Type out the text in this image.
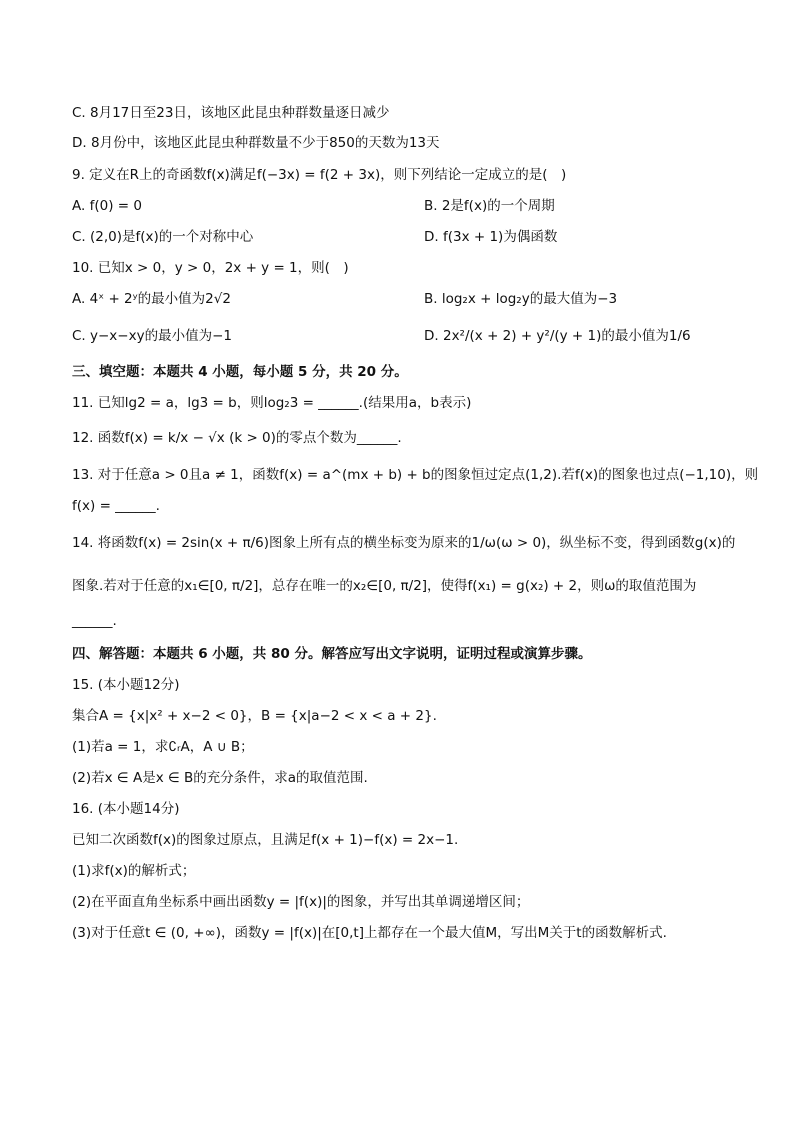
C. 8月17日至23日，该地区此昆虫种群数量逐日减少
D. 8月份中，该地区此昆虫种群数量不少于850的天数为13天
9. 定义在R上的奇函数f(x)满足f(−3x) = f(2 + 3x)，则下列结论一定成立的是(　)
A. f(0) = 0	B. 2是f(x)的一个周期
C. (2,0)是f(x)的一个对称中心	D. f(3x + 1)为偶函数
10. 已知x > 0，y > 0，2x + y = 1，则(　)
A. 4ˣ + 2ʸ的最小值为2√2	B. log₂x + log₂y的最大值为−3
C. y−x−xy的最小值为−1	D. 2x²/(x + 2) + y²/(y + 1)的最小值为1/6
三、填空题：本题共 4 小题，每小题 5 分，共 20 分。
11. 已知lg2 = a，lg3 = b，则log₂3 = ______.(结果用a，b表示)
12. 函数f(x) = k/x − √x (k > 0)的零点个数为______.
13. 对于任意a > 0且a ≠ 1，函数f(x) = a^(mx + b) + b的图象恒过定点(1,2).若f(x)的图象也过点(−1,10)，则
f(x) = ______.
14. 将函数f(x) = 2sin(x + π/6)图象上所有点的横坐标变为原来的1/ω(ω > 0)，纵坐标不变，得到函数g(x)的
图象.若对于任意的x₁∈[0, π/2]，总存在唯一的x₂∈[0, π/2]，使得f(x₁) = g(x₂) + 2，则ω的取值范围为
______.
四、解答题：本题共 6 小题，共 80 分。解答应写出文字说明，证明过程或演算步骤。
15. (本小题12分)
集合A = {x|x² + x−2 < 0}，B = {x|a−2 < x < a + 2}.
(1)若a = 1，求∁ᵣA，A ∪ B；
(2)若x ∈ A是x ∈ B的充分条件，求a的取值范围.
16. (本小题14分)
已知二次函数f(x)的图象过原点，且满足f(x + 1)−f(x) = 2x−1.
(1)求f(x)的解析式；
(2)在平面直角坐标系中画出函数y = |f(x)|的图象，并写出其单调递增区间；
(3)对于任意t ∈ (0, +∞)，函数y = |f(x)|在[0,t]上都存在一个最大值M，写出M关于t的函数解析式.
